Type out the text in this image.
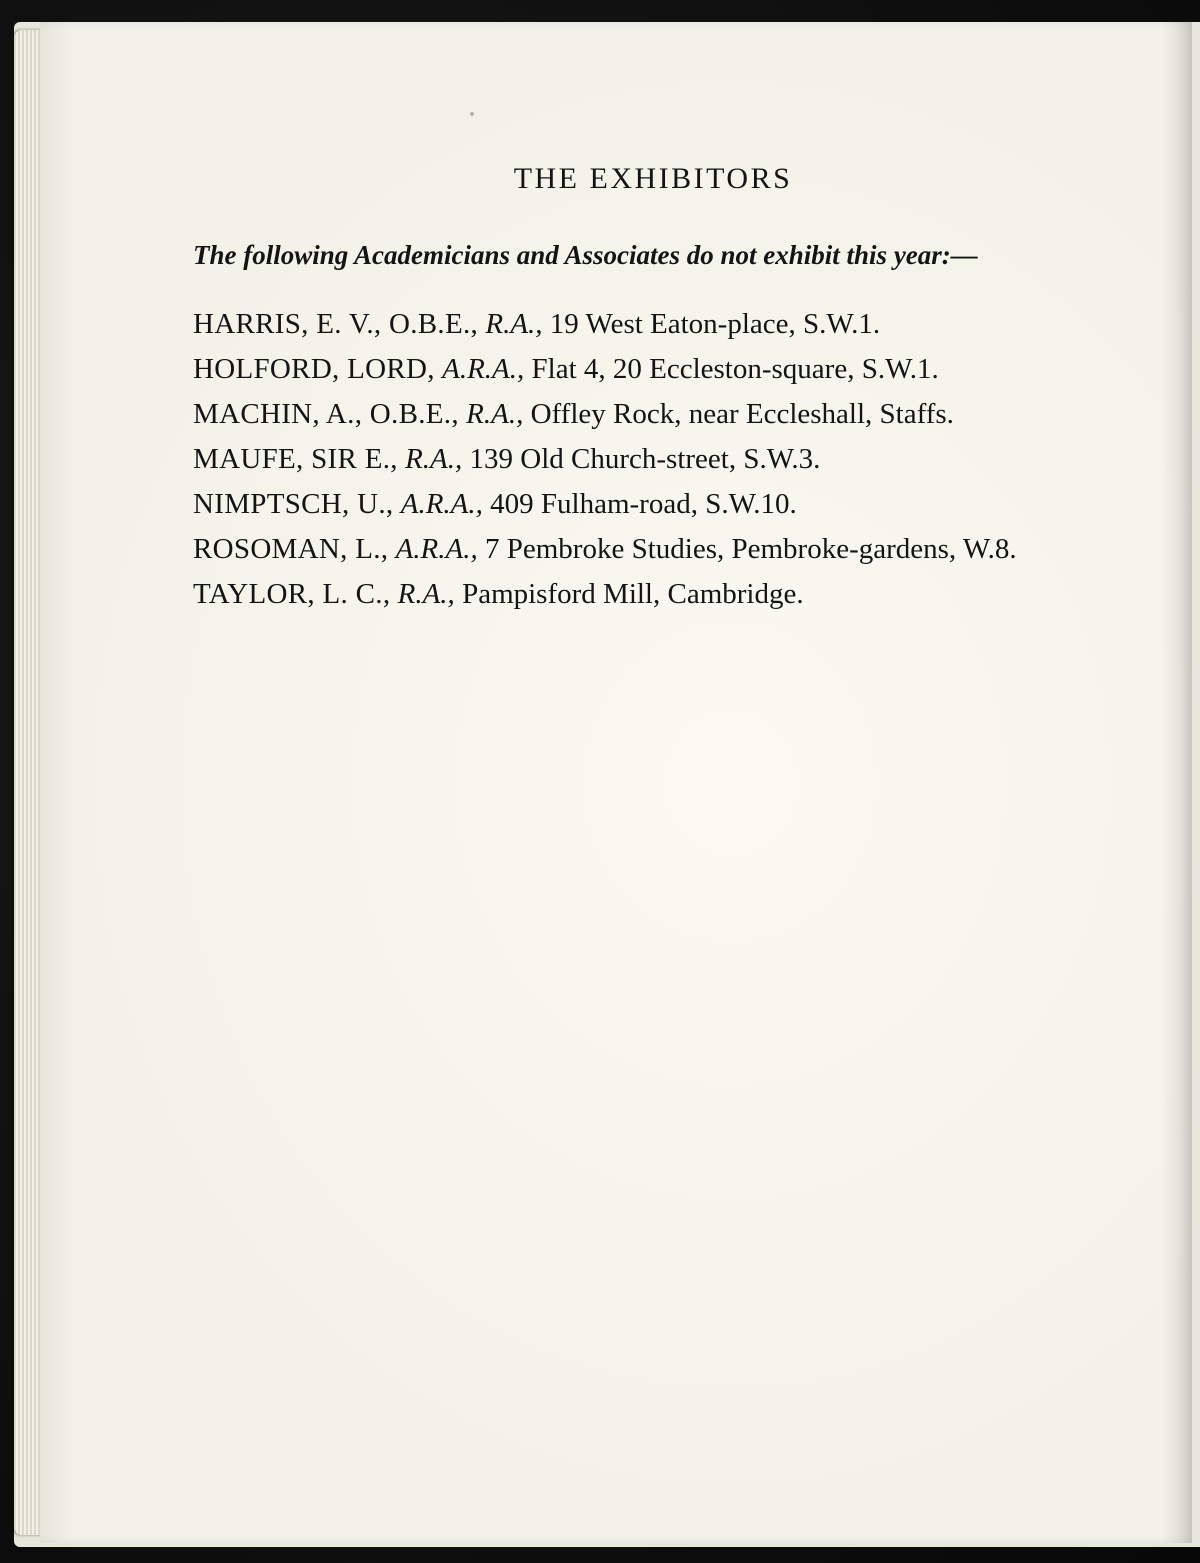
THE EXHIBITORS

The following Academicians and Associates do not exhibit this year:—

HARRIS, E. V., O.B.E., R.A., 19 West Eaton-place, S.W.1.

HOLFORD, LORD, A.R.A., Flat 4, 20 Eccleston-square, S.W.1.

MACHIN, A., O.B.E., R.A., Offley Rock, near Eccleshall, Staffs.

MAUFE, SIR E., R.A., 139 Old Church-street, S.W.3.

NIMPTSCH, U., A.R.A., 409 Fulham-road, S.W.10.

ROSOMAN, L., A.R.A., 7 Pembroke Studies, Pembroke-gardens, W.8.

TAYLOR, L. C., R.A., Pampisford Mill, Cambridge.
